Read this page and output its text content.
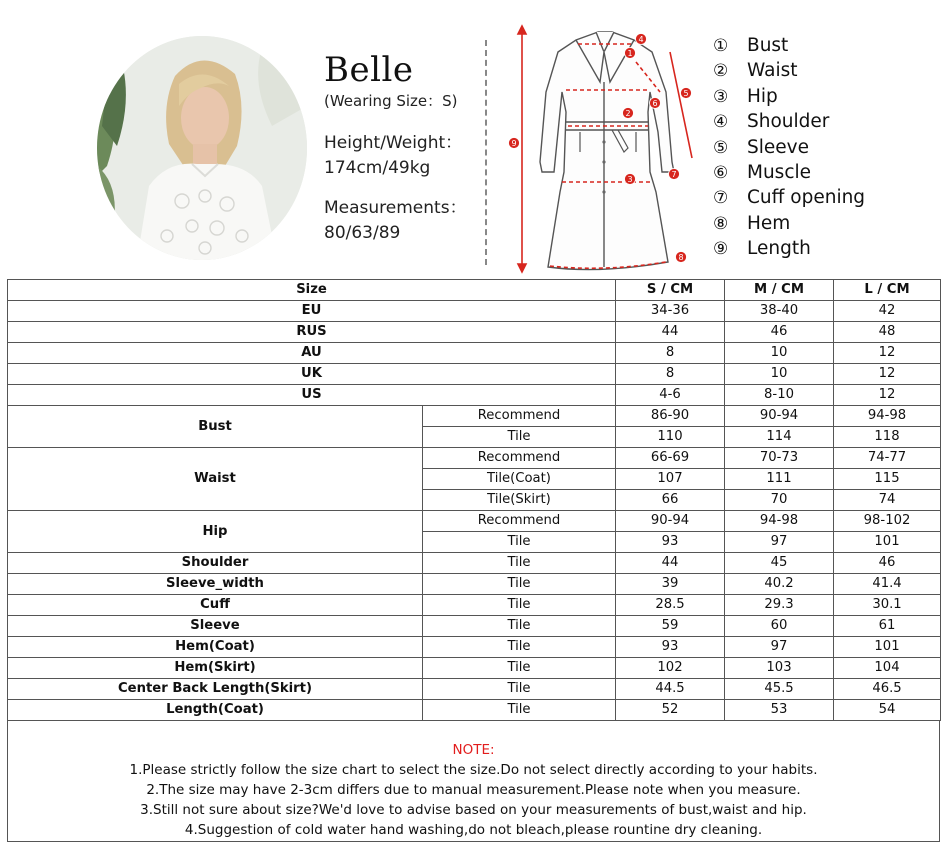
Belle
(Wearing Size：S)
Height/Weight：
174cm/49kg
Measurements：
80/63/89
4
1
5
6
2
9
7
3
8
① Bust
② Waist
③ Hip
④ Shoulder
⑤ Sleeve
⑥ Muscle
⑦ Cuff opening
⑧ Hem
⑨ Length
Size		S / CM	M / CM	L / CM
EU		34-36	38-40	42
RUS		44	46	48
AU		8	10	12
UK		8	10	12
US		4-6	8-10	12
Bust	Recommend	86-90	90-94	94-98
	Tile	110	114	118
Waist	Recommend	66-69	70-73	74-77
	Tile(Coat)	107	111	115
	Tile(Skirt)	66	70	74
Hip	Recommend	90-94	94-98	98-102
	Tile	93	97	101
Shoulder	Tile	44	45	46
Sleeve_width	Tile	39	40.2	41.4
Cuff	Tile	28.5	29.3	30.1
Sleeve	Tile	59	60	61
Hem(Coat)	Tile	93	97	101
Hem(Skirt)	Tile	102	103	104
Center Back Length(Skirt)	Tile	44.5	45.5	46.5
Length(Coat)	Tile	52	53	54
NOTE:
1.Please strictly follow the size chart to select the size.Do not select directly according to your habits.
2.The size may have 2-3cm differs due to manual measurement.Please note when you measure.
3.Still not sure about size?We'd love to advise based on your measurements of bust,waist and hip.
4.Suggestion of cold water hand washing,do not bleach,please rountine dry cleaning.
